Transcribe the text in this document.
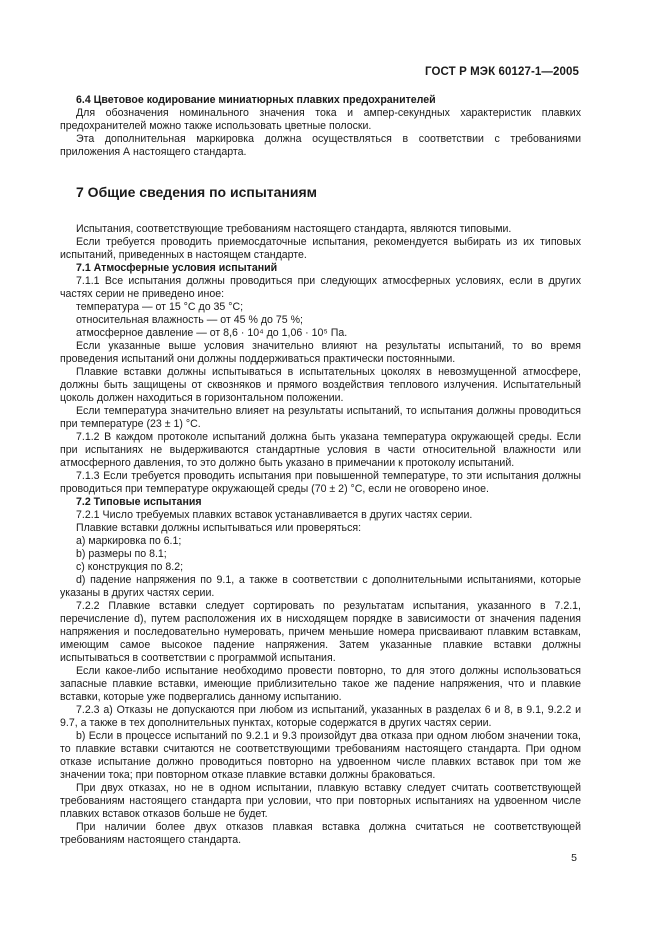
ГОСТ Р МЭК 60127-1—2005

6.4 Цветовое кодирование миниатюрных плавких предохранителей

Для обозначения номинального значения тока и ампер-секундных характеристик плавких предохранителей можно также использовать цветные полоски.

Эта дополнительная маркировка должна осуществляться в соответствии с требованиями приложения А настоящего стандарта.

7 Общие сведения по испытаниям

Испытания, соответствующие требованиям настоящего стандарта, являются типовыми.

Если требуется проводить приемосдаточные испытания, рекомендуется выбирать из их типовых испытаний, приведенных в настоящем стандарте.

7.1 Атмосферные условия испытаний

7.1.1 Все испытания должны проводиться при следующих атмосферных условиях, если в других частях серии не приведено иное:

температура — от 15 °С до 35 °С;

относительная влажность — от 45 % до 75 %;

атмосферное давление — от 8,6 · 10⁴ до 1,06 · 10⁵ Па.

Если указанные выше условия значительно влияют на результаты испытаний, то во время проведения испытаний они должны поддерживаться практически постоянными.

Плавкие вставки должны испытываться в испытательных цоколях в невозмущенной атмосфере, должны быть защищены от сквозняков и прямого воздействия теплового излучения. Испытательный цоколь должен находиться в горизонтальном положении.

Если температура значительно влияет на результаты испытаний, то испытания должны проводиться при температуре (23 ± 1) °С.

7.1.2 В каждом протоколе испытаний должна быть указана температура окружающей среды. Если при испытаниях не выдерживаются стандартные условия в части относительной влажности или атмосферного давления, то это должно быть указано в примечании к протоколу испытаний.

7.1.3 Если требуется проводить испытания при повышенной температуре, то эти испытания должны проводиться при температуре окружающей среды (70 ± 2) °С, если не оговорено иное.

7.2 Типовые испытания

7.2.1 Число требуемых плавких вставок устанавливается в других частях серии.

Плавкие вставки должны испытываться или проверяться:

а) маркировка по 6.1;

b) размеры по 8.1;

c) конструкция по 8.2;

d) падение напряжения по 9.1, а также в соответствии с дополнительными испытаниями, которые указаны в других частях серии.

7.2.2 Плавкие вставки следует сортировать по результатам испытания, указанного в 7.2.1, перечисление d), путем расположения их в нисходящем порядке в зависимости от значения падения напряжения и последовательно нумеровать, причем меньшие номера присваивают плавким вставкам, имеющим самое высокое падение напряжения. Затем указанные плавкие вставки должны испытываться в соответствии с программой испытания.

Если какое-либо испытание необходимо провести повторно, то для этого должны использоваться запасные плавкие вставки, имеющие приблизительно такое же падение напряжения, что и плавкие вставки, которые уже подвергались данному испытанию.

7.2.3 а) Отказы не допускаются при любом из испытаний, указанных в разделах 6 и 8, в 9.1, 9.2.2 и 9.7, а также в тех дополнительных пунктах, которые содержатся в других частях серии.

b) Если в процессе испытаний по 9.2.1 и 9.3 произойдут два отказа при одном любом значении тока, то плавкие вставки считаются не соответствующими требованиям настоящего стандарта. При одном отказе испытание должно проводиться повторно на удвоенном числе плавких вставок при том же значении тока; при повторном отказе плавкие вставки должны браковаться.

При двух отказах, но не в одном испытании, плавкую вставку следует считать соответствующей требованиям настоящего стандарта при условии, что при повторных испытаниях на удвоенном числе плавких вставок отказов больше не будет.

При наличии более двух отказов плавкая вставка должна считаться не соответствующей требованиям настоящего стандарта.

5
